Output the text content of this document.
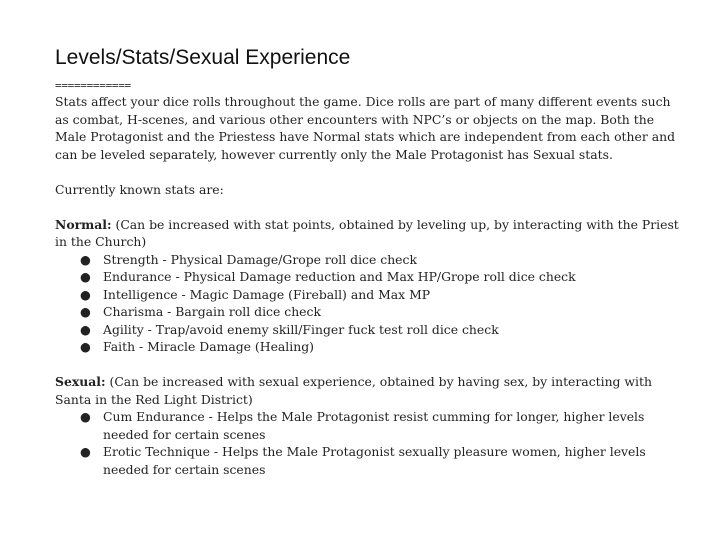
Levels/Stats/Sexual Experience
============

Stats affect your dice rolls throughout the game. Dice rolls are part of many different events such as combat, H-scenes, and various other encounters with NPC’s or objects on the map. Both the Male Protagonist and the Priestess have Normal stats which are independent from each other and can be leveled separately, however currently only the Male Protagonist has Sexual stats.

Currently known stats are:

Normal: (Can be increased with stat points, obtained by leveling up, by interacting with the Priest in the Church)

● Strength - Physical Damage/Grope roll dice check
● Endurance - Physical Damage reduction and Max HP/Grope roll dice check
● Intelligence - Magic Damage (Fireball) and Max MP
● Charisma - Bargain roll dice check
● Agility - Trap/avoid enemy skill/Finger fuck test roll dice check
● Faith - Miracle Damage (Healing)

Sexual: (Can be increased with sexual experience, obtained by having sex, by interacting with Santa in the Red Light District)

● Cum Endurance - Helps the Male Protagonist resist cumming for longer, higher levels needed for certain scenes
● Erotic Technique - Helps the Male Protagonist sexually pleasure women, higher levels needed for certain scenes
